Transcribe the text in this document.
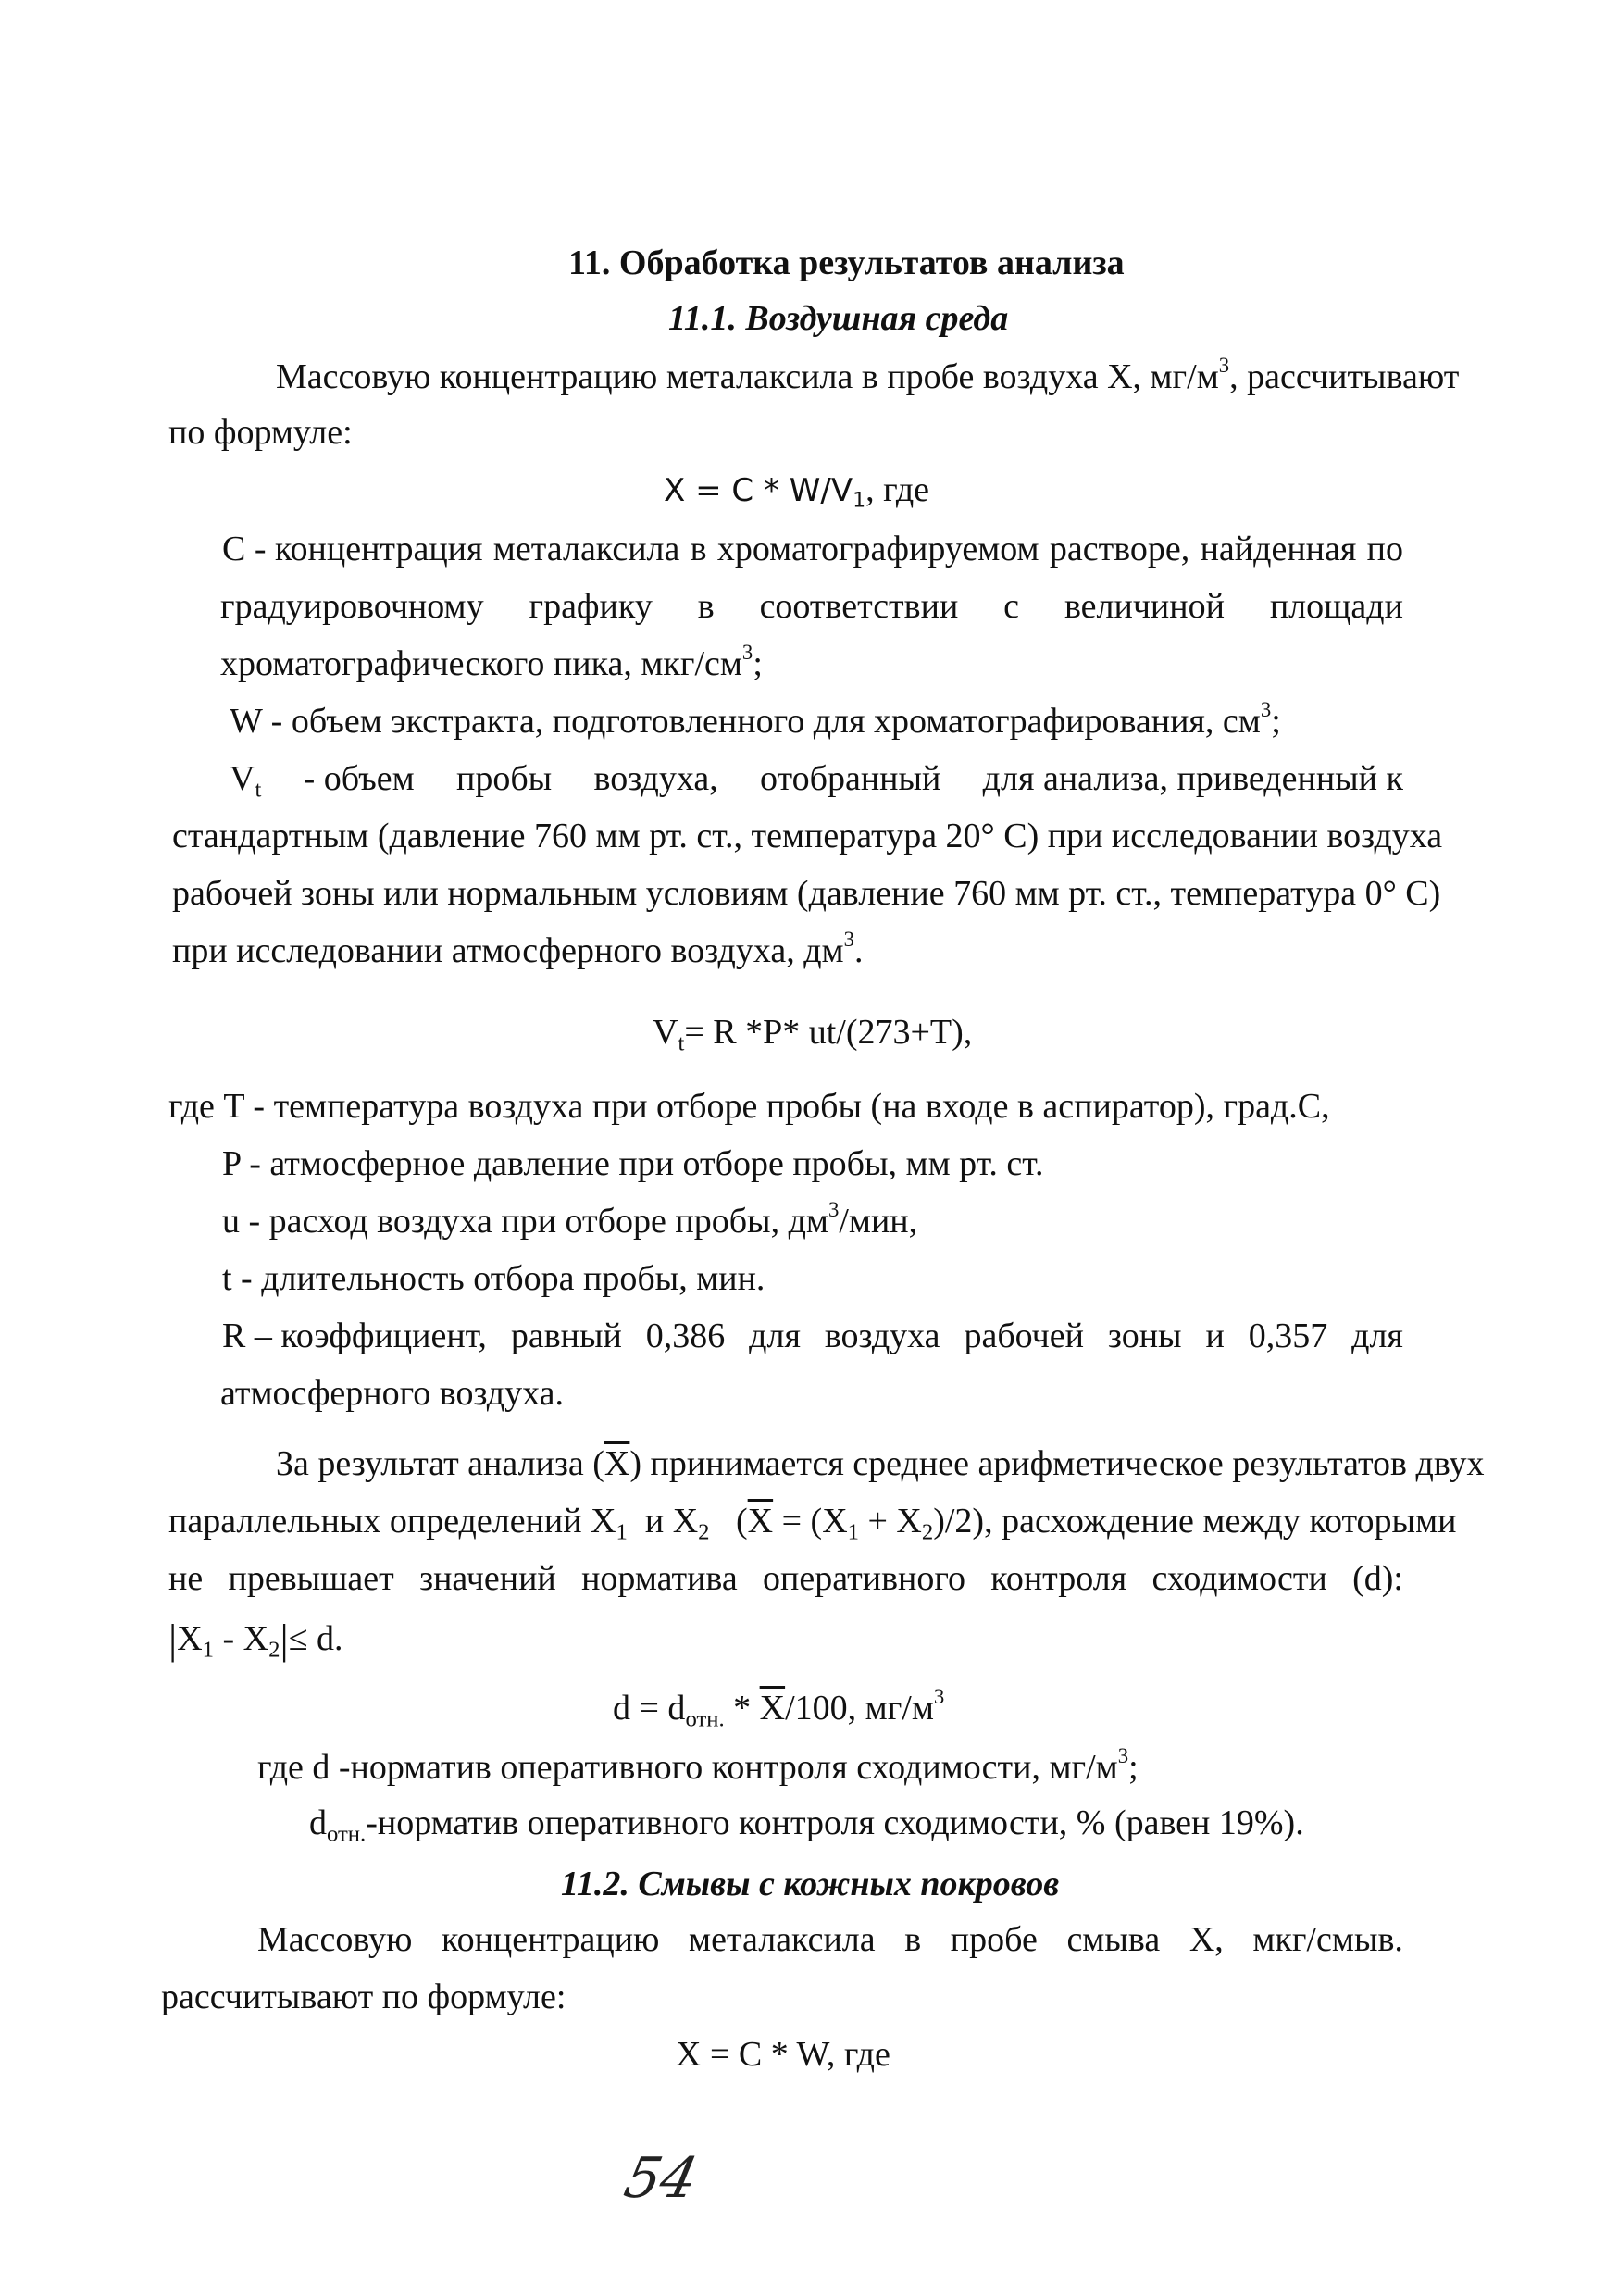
11. Обработка результатов анализа
11.1. Воздушная среда
Массовую концентрацию металаксила в пробе воздуха X, $мг/м^3$, рассчитывают
по формуле:
$X = C * W/V_1$, где
C - концентрация металаксила в хроматографируемом растворе, найденная по
градуировочному графику в соответствии с величиной площади
хроматографического пика, мкг/$см^3$;
W - объем экстракта, подготовленного для хроматографирования, $см^3$;
$V_t$ - объем пробы воздуха, отобранный для анализа, приведенный к
стандартным (давление 760 мм рт. ст., температура 20° С) при исследовании воздуха
рабочей зоны или нормальным условиям (давление 760 мм рт. ст., температура 0° С)
при исследовании атмосферного воздуха, $дм^3$.
$V_t= R$ *P* ut/(273+T),
где T - температура воздуха при отборе пробы (на входе в аспиратор), град.С,
P - атмосферное давление при отборе пробы, мм рт. ст.
u - расход воздуха при отборе пробы, $дм^3$/мин,
t - длительность отбора пробы, мин.
R – коэффициент, равный 0,386 для воздуха рабочей зоны и 0,357 для
атмосферного воздуха.
За результат анализа $(\overline{X})$ принимается среднее арифметическое результатов двух
параллельных определений $X_1$ и $X_2$ $(\overline{X} = (X_1 + X_2)/2)$, расхождение между которыми
не превышает значений норматива оперативного контроля сходимости (d):
$|X_1 - X_2|\le d$.
$d = d_{отн.} * \overline{X}/100$, $мг/м^3$
где d -норматив оперативного контроля сходимости, $мг/м^3$;
$d_{отн.}$-норматив оперативного контроля сходимости, % (равен 19%).
11.2. Смывы с кожных покровов
Массовую концентрацию металаксила в пробе смыва X, мкг/смыв.
рассчитывают по формуле:
X = C * W, где
54
